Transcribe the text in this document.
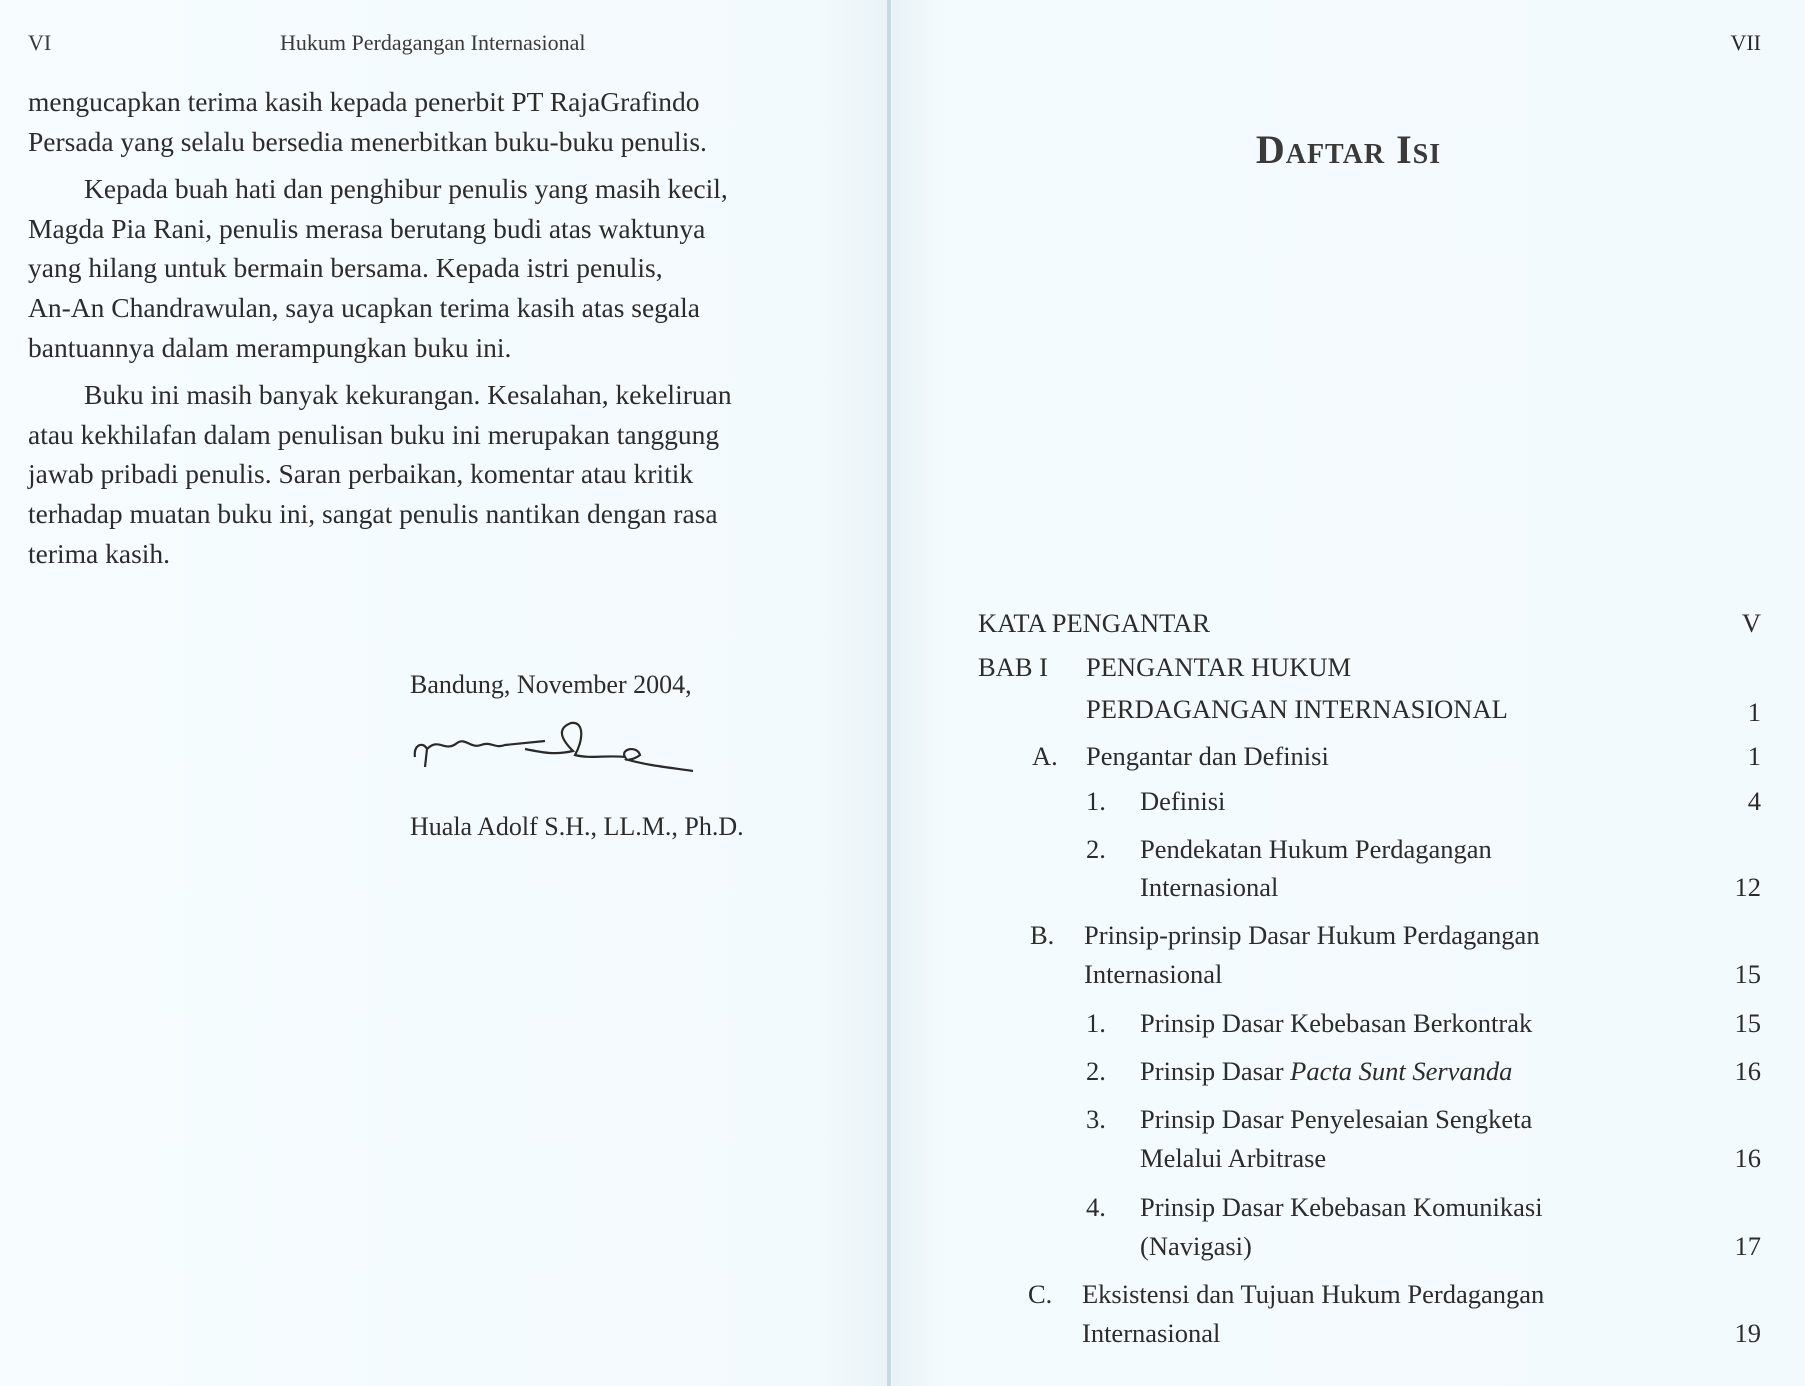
VI	Hukum Perdagangan Internasional

mengucapkan terima kasih kepada penerbit PT RajaGrafindo
Persada yang selalu bersedia menerbitkan buku-buku penulis.

Kepada buah hati dan penghibur penulis yang masih kecil,
Magda Pia Rani, penulis merasa berutang budi atas waktunya
yang hilang untuk bermain bersama. Kepada istri penulis,
An-An Chandrawulan, saya ucapkan terima kasih atas segala
bantuannya dalam merampungkan buku ini.

Buku ini masih banyak kekurangan. Kesalahan, kekeliruan
atau kekhilafan dalam penulisan buku ini merupakan tanggung
jawab pribadi penulis. Saran perbaikan, komentar atau kritik
terhadap muatan buku ini, sangat penulis nantikan dengan rasa
terima kasih.

Bandung, November 2004,
Huala Adolf S.H., LL.M., Ph.D.
VII
Daftar Isi
KATA PENGANTAR	V
BAB I PENGANTAR HUKUM
PERDAGANGAN INTERNASIONAL	1
A. Pengantar dan Definisi	1
1. Definisi	4
2. Pendekatan Hukum Perdagangan
Internasional	12
B. Prinsip-prinsip Dasar Hukum Perdagangan
Internasional	15
1. Prinsip Dasar Kebebasan Berkontrak	15
2. Prinsip Dasar Pacta Sunt Servanda	16
3. Prinsip Dasar Penyelesaian Sengketa
Melalui Arbitrase	16
4. Prinsip Dasar Kebebasan Komunikasi
(Navigasi)	17
C. Eksistensi dan Tujuan Hukum Perdagangan
Internasional	19
